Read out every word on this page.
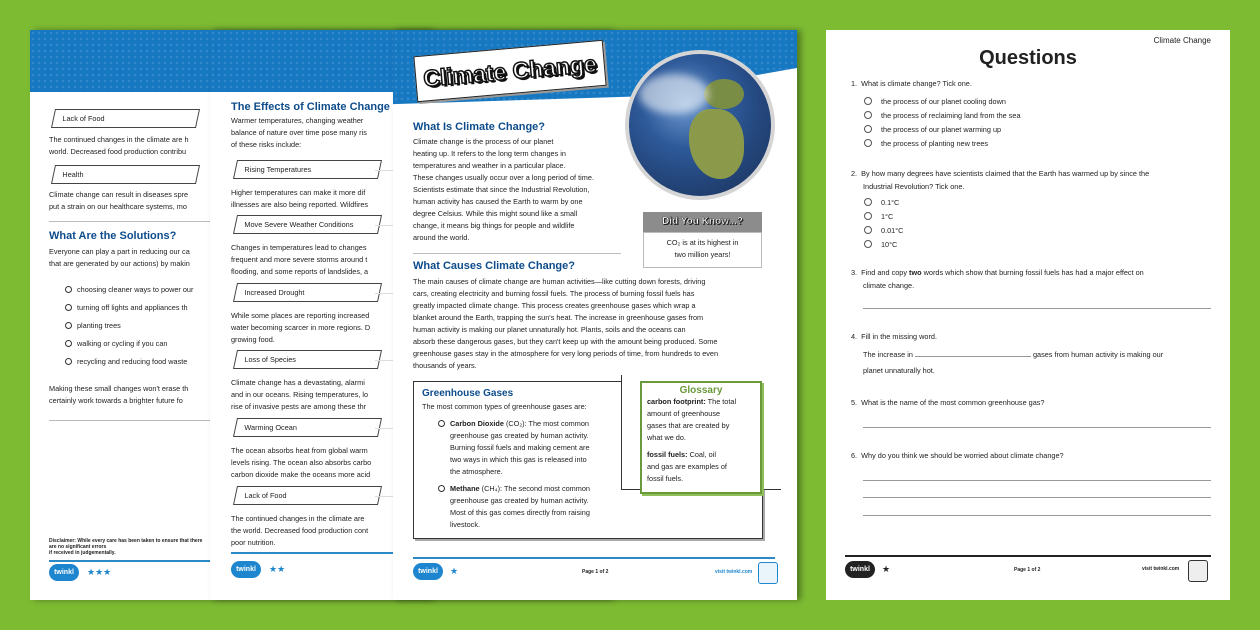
Lack of Food
The continued changes in the climate are h
world. Decreased food production contribu
Health
Climate change can result in diseases spre
put a strain on our healthcare systems, mo
What Are the Solutions?
Everyone can play a part in reducing our ca
that are generated by our actions) by makin
choosing cleaner ways to power our
turning off lights and appliances th
planting trees
walking or cycling if you can
recycling and reducing food waste
Making these small changes won't erase th
certainly work towards a brighter future fo
Disclaimer: While every care has been taken to ensure that there are no significant errors
if received in judgementally.
twinkl	★★★
The Effects of Climate Change
Warmer temperatures, changing weather
balance of nature over time pose many ris
of these risks include:
Rising Temperatures
Higher temperatures can make it more dif
illnesses are also being reported. Wildfires
Move Severe Weather Conditions
Changes in temperatures lead to changes
frequent and more severe storms around t
flooding, and some reports of landslides, a
Increased Drought
While some places are reporting increased
water becoming scarcer in more regions. D
growing food.
Loss of Species
Climate change has a devastating, alarmi
and in our oceans. Rising temperatures, lo
rise of invasive pests are among these thr
Warming Ocean
The ocean absorbs heat from global warm
levels rising. The ocean also absorbs carbo
carbon dioxide make the oceans more acid
Lack of Food
The continued changes in the climate are
the world. Decreased food production cont
poor nutrition.
twinkl	★★
Climate Change
Did You Know...?
CO₂ is at its highest in
two million years!
What Is Climate Change?
Climate change is the process of our planet
heating up. It refers to the long term changes in
temperatures and weather in a particular place.
These changes usually occur over a long period of time.
Scientists estimate that since the Industrial Revolution,
human activity has caused the Earth to warm by one
degree Celsius. While this might sound like a small
change, it means big things for people and wildlife
around the world.
What Causes Climate Change?
The main causes of climate change are human activities—like cutting down forests, driving
cars, creating electricity and burning fossil fuels. The process of burning fossil fuels has
greatly impacted climate change. This process creates greenhouse gases which wrap a
blanket around the Earth, trapping the sun's heat. The increase in greenhouse gases from
human activity is making our planet unnaturally hot. Plants, soils and the oceans can
absorb these dangerous gases, but they can't keep up with the amount being produced. Some
greenhouse gases stay in the atmosphere for very long periods of time, from hundreds to even
thousands of years.
Greenhouse Gases
The most common types of greenhouse gases are:
Carbon Dioxide (CO₂): The most common
greenhouse gas created by human activity.
Burning fossil fuels and making cement are
two ways in which this gas is released into
the atmosphere.
Methane (CH₄): The second most common
greenhouse gas created by human activity.
Most of this gas comes directly from raising
livestock.
Glossary
carbon footprint: The total
amount of greenhouse
gases that are created by
what we do.
fossil fuels: Coal, oil
and gas are examples of
fossil fuels.
twinkl	★	Page 1 of 2	visit twinkl.com
Climate Change
Questions
1. What is climate change? Tick one.
the process of our planet cooling down
the process of reclaiming land from the sea
the process of our planet warming up
the process of planting new trees
2. By how many degrees have scientists claimed that the Earth has warmed up by since the
Industrial Revolution? Tick one.
0.1°C
1°C
0.01°C
10°C
3. Find and copy two words which show that burning fossil fuels has had a major effect on
climate change.
4. Fill in the missing word.
The increase in	gases from human activity is making our
planet unnaturally hot.
5. What is the name of the most common greenhouse gas?
6. Why do you think we should be worried about climate change?
twinkl	★	Page 1 of 2	visit twinkl.com
